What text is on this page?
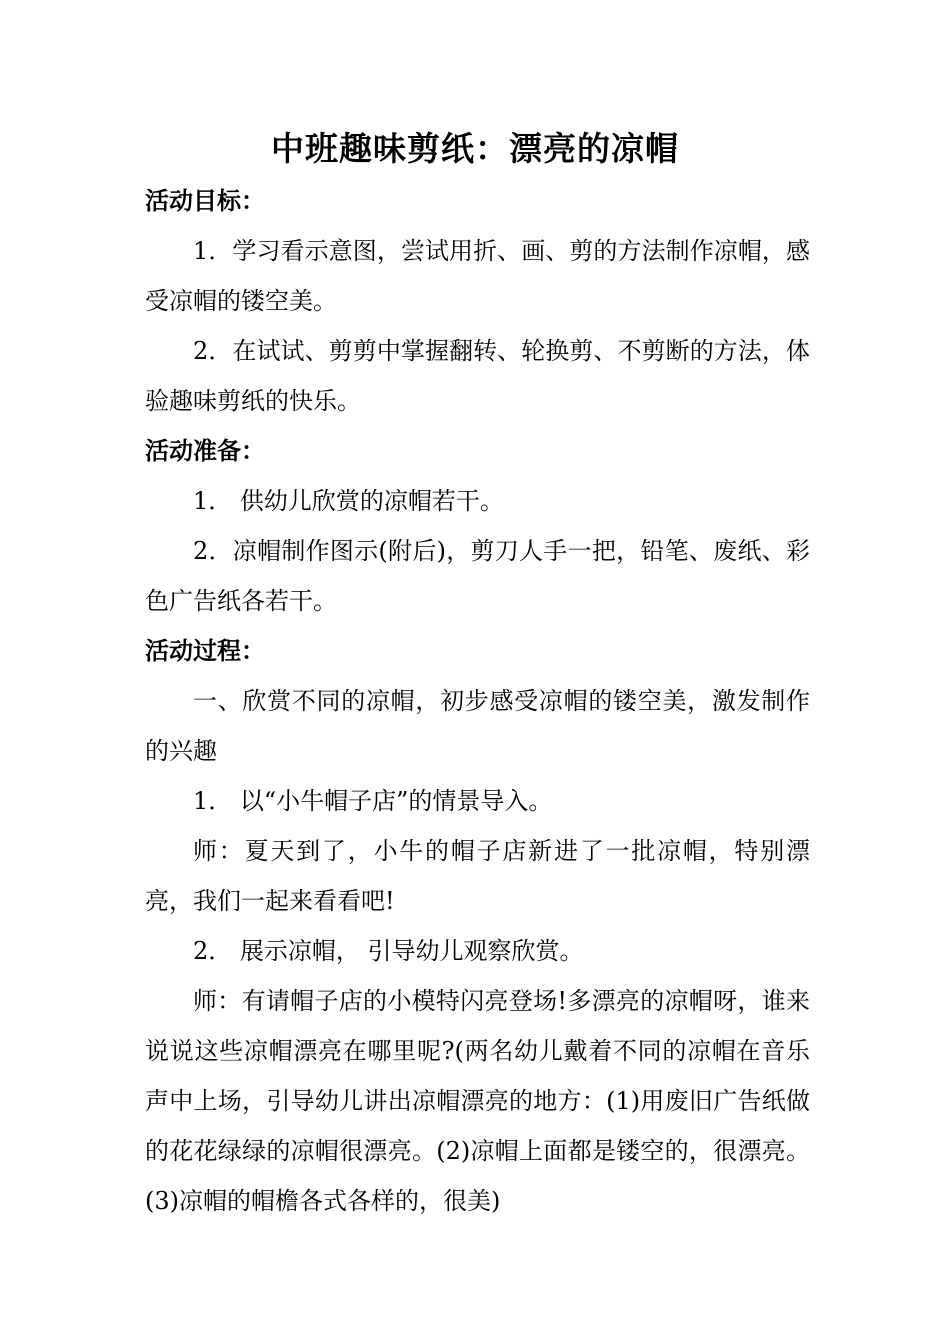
中班趣味剪纸：漂亮的凉帽

活动目标：

1．学习看示意图，尝试用折、画、剪的方法制作凉帽，感受凉帽的镂空美。

2．在试试、剪剪中掌握翻转、轮换剪、不剪断的方法，体验趣味剪纸的快乐。

活动准备：

1． 供幼儿欣赏的凉帽若干。

2．凉帽制作图示(附后)，剪刀人手一把，铅笔、废纸、彩色广告纸各若干。

活动过程：

一、欣赏不同的凉帽，初步感受凉帽的镂空美，激发制作的兴趣

1． 以“小牛帽子店”的情景导入。

师：夏天到了，小牛的帽子店新进了一批凉帽，特别漂亮，我们一起来看看吧!

2． 展示凉帽， 引导幼儿观察欣赏。

师：有请帽子店的小模特闪亮登场!多漂亮的凉帽呀，谁来说说这些凉帽漂亮在哪里呢?(两名幼儿戴着不同的凉帽在音乐声中上场，引导幼儿讲出凉帽漂亮的地方：(1)用废旧广告纸做的花花绿绿的凉帽很漂亮。(2)凉帽上面都是镂空的，很漂亮。(3)凉帽的帽檐各式各样的，很美)
